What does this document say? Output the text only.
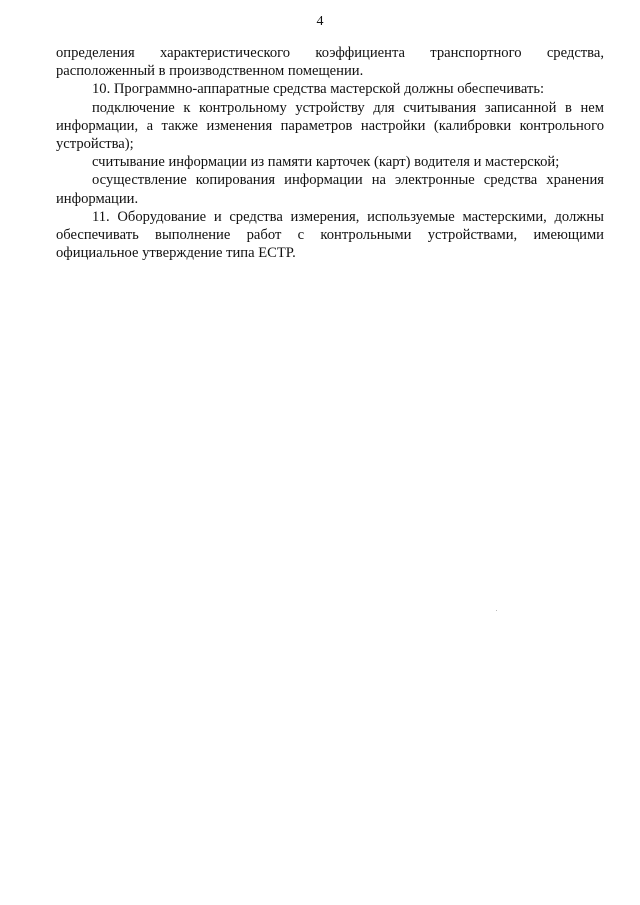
4

определения характеристического коэффициента транспортного средства,

расположенный в производственном помещении.

10. Программно-аппаратные средства мастерской должны обеспечивать:

подключение к контрольному устройству для считывания записанной в нем информации, а также изменения параметров настройки (калибровки контрольного устройства);

считывание информации из памяти карточек (карт) водителя и мастерской;

осуществление копирования информации на электронные средства хранения информации.

11. Оборудование и средства измерения, используемые мастерскими, должны обеспечивать выполнение работ с контрольными устройствами, имеющими официальное утверждение типа ЕСТР.
